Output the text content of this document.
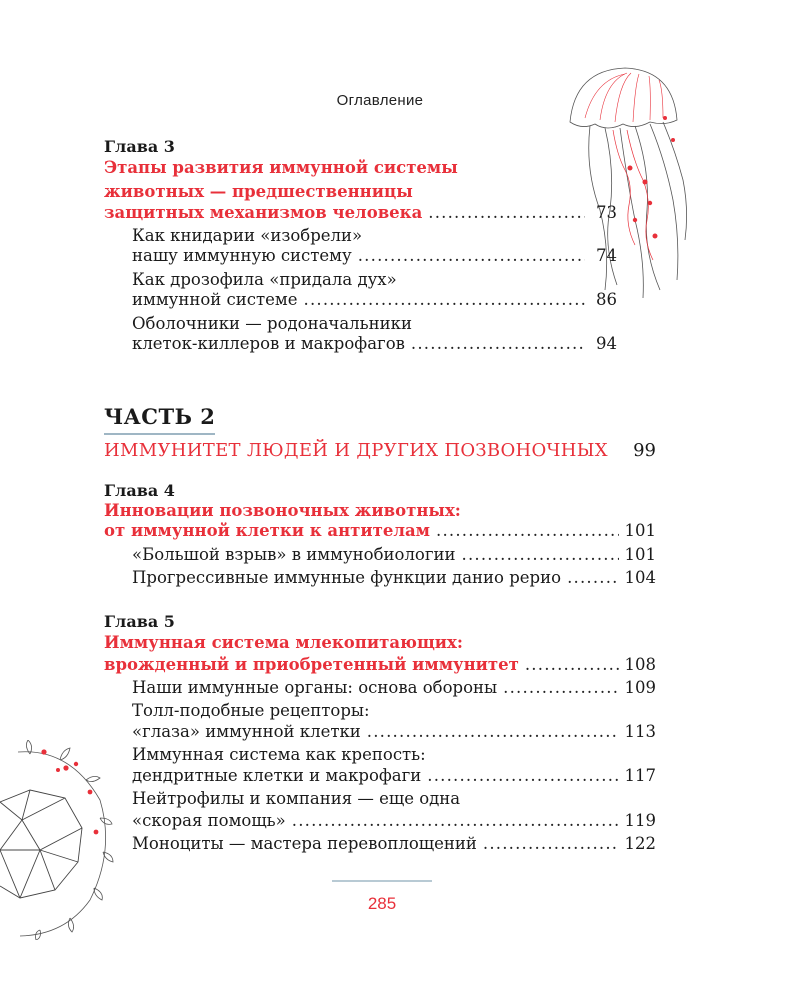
Оглавление
Глава 3
Этапы развития иммунной системы
животных — предшественницы
защитных механизмов человека .....	73
Как книдарии «изобрели»
нашу иммунную систему .....	74
Как дрозофила «придала дух»
иммунной системе .....	86
Оболочники — родоначальники
клеток-киллеров и макрофагов .....	94
ЧАСТЬ 2
ИММУНИТЕТ ЛЮДЕЙ И ДРУГИХ ПОЗВОНОЧНЫХ 99
Глава 4
Инновации позвоночных животных:
от иммунной клетки к антителам .....	101
«Большой взрыв» в иммунобиологии .....	101
Прогрессивные иммунные функции данио рерио .....	104
Глава 5
Иммунная система млекопитающих:
врожденный и приобретенный иммунитет .....	108
Наши иммунные органы: основа обороны .....	109
Толл-подобные рецепторы:
«глаза» иммунной клетки .....	113
Иммунная система как крепость:
дендритные клетки и макрофаги .....	117
Нейтрофилы и компания — еще одна
«скорая помощь» .....	119
Моноциты — мастера перевоплощений .....	122
285
